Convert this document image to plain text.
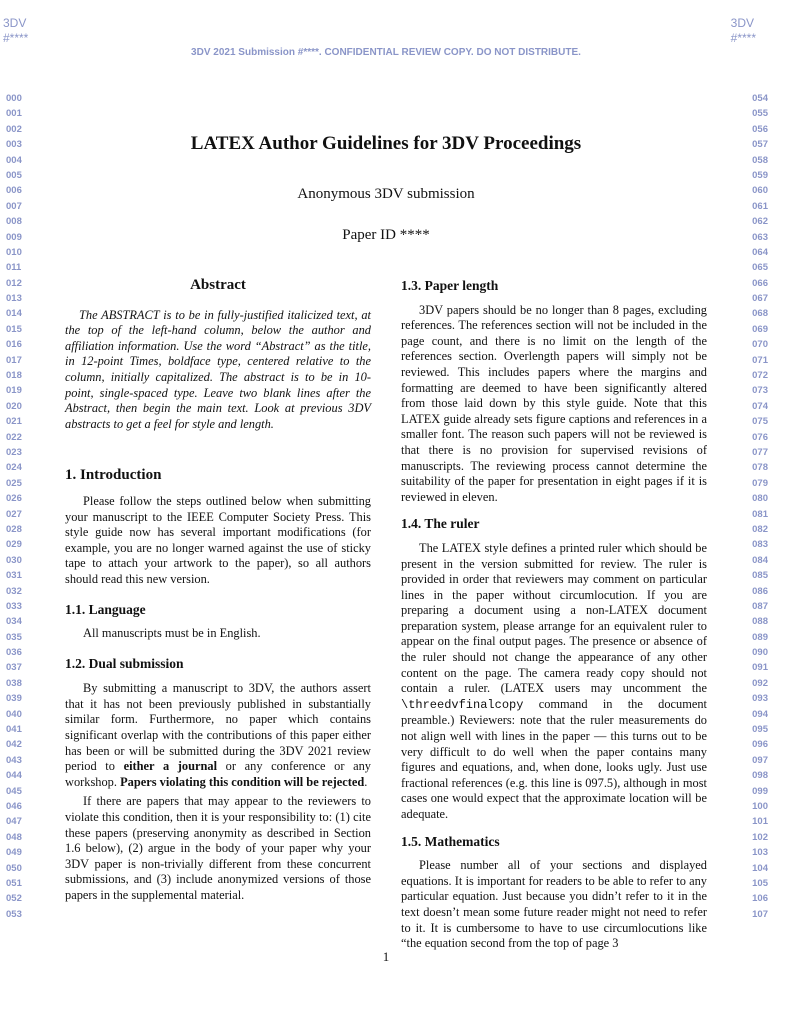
3DV
#****
3DV
#****
3DV 2021 Submission #****. CONFIDENTIAL REVIEW COPY. DO NOT DISTRIBUTE.
000
001
002
003
004
005
006
007
008
009
010
011
012
013
014
015
016
017
018
019
020
021
022
023
024
025
026
027
028
029
030
031
032
033
034
035
036
037
038
039
040
041
042
043
044
045
046
047
048
049
050
051
052
053
054
055
056
057
058
059
060
061
062
063
064
065
066
067
068
069
070
071
072
073
074
075
076
077
078
079
080
081
082
083
084
085
086
087
088
089
090
091
092
093
094
095
096
097
098
099
100
101
102
103
104
105
106
107
LATEX Author Guidelines for 3DV Proceedings
Anonymous 3DV submission
Paper ID ****
Abstract

The ABSTRACT is to be in fully-justified italicized text, at the top of the left-hand column, below the author and affiliation information. Use the word “Abstract” as the title, in 12-point Times, boldface type, centered relative to the column, initially capitalized. The abstract is to be in 10-point, single-spaced type. Leave two blank lines after the Abstract, then begin the main text. Look at previous 3DV abstracts to get a feel for style and length.

1. Introduction

Please follow the steps outlined below when submitting your manuscript to the IEEE Computer Society Press. This style guide now has several important modifications (for example, you are no longer warned against the use of sticky tape to attach your artwork to the paper), so all authors should read this new version.

1.1. Language

All manuscripts must be in English.

1.2. Dual submission

By submitting a manuscript to 3DV, the authors assert that it has not been previously published in substantially similar form. Furthermore, no paper which contains significant overlap with the contributions of this paper either has been or will be submitted during the 3DV 2021 review period to either a journal or any conference or any workshop. Papers violating this condition will be rejected.

If there are papers that may appear to the reviewers to violate this condition, then it is your responsibility to: (1) cite these papers (preserving anonymity as described in Section 1.6 below), (2) argue in the body of your paper why your 3DV paper is non-trivially different from these concurrent submissions, and (3) include anonymized versions of those papers in the supplemental material.

1.3. Paper length

3DV papers should be no longer than 8 pages, excluding references. The references section will not be included in the page count, and there is no limit on the length of the references section. Overlength papers will simply not be reviewed. This includes papers where the margins and formatting are deemed to have been significantly altered from those laid down by this style guide. Note that this LATEX guide already sets figure captions and references in a smaller font. The reason such papers will not be reviewed is that there is no provision for supervised revisions of manuscripts. The reviewing process cannot determine the suitability of the paper for presentation in eight pages if it is reviewed in eleven.

1.4. The ruler

The LATEX style defines a printed ruler which should be present in the version submitted for review. The ruler is provided in order that reviewers may comment on particular lines in the paper without circumlocution. If you are preparing a document using a non-LATEX document preparation system, please arrange for an equivalent ruler to appear on the final output pages. The presence or absence of the ruler should not change the appearance of any other content on the page. The camera ready copy should not contain a ruler. (LATEX users may uncomment the \threedvfinalcopy command in the document preamble.) Reviewers: note that the ruler measurements do not align well with lines in the paper — this turns out to be very difficult to do well when the paper contains many figures and equations, and, when done, looks ugly. Just use fractional references (e.g. this line is 097.5), although in most cases one would expect that the approximate location will be adequate.

1.5. Mathematics

Please number all of your sections and displayed equations. It is important for readers to be able to refer to any particular equation. Just because you didn’t refer to it in the text doesn’t mean some future reader might not need to refer to it. It is cumbersome to have to use circumlocutions like “the equation second from the top of page 3

1
